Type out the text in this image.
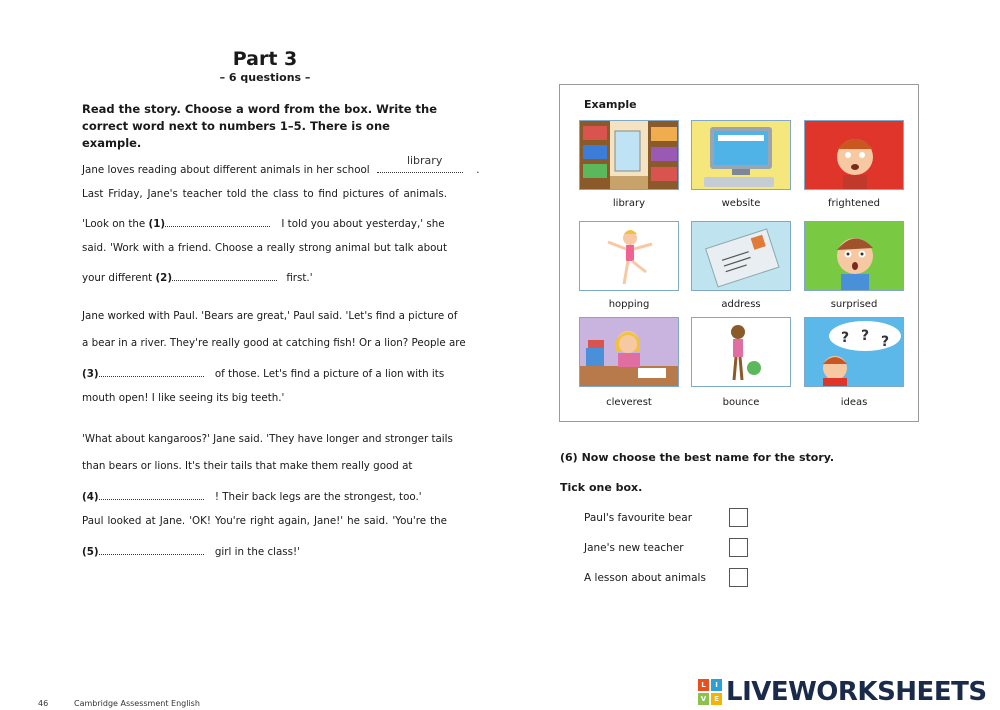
Part 3
– 6 questions –
Read the story. Choose a word from the box. Write the correct word next to numbers 1–5. There is one example.
Jane loves reading about different animals in her school
library
.
Last Friday, Jane's teacher told the class to find pictures of animals.
'Look on the (1)	I told you about yesterday,' she
said. 'Work with a friend. Choose a really strong animal but talk about
your different (2)	first.'
Jane worked with Paul. 'Bears are great,' Paul said. 'Let's find a picture of
a bear in a river. They're really good at catching fish! Or a lion? People are
(3)	of those. Let's find a picture of a lion with its
mouth open! I like seeing its big teeth.'
'What about kangaroos?' Jane said. 'They have longer and stronger tails
than bears or lions. It's their tails that make them really good at
(4)	! Their back legs are the strongest, too.'
Paul looked at Jane. 'OK! You're right again, Jane!' he said. 'You're the
(5)	girl in the class!'
Example
? ? ?
library	website	frightened
hopping	address	surprised
cleverest	bounce	ideas
(6) Now choose the best name for the story.
Tick one box.
Paul's favourite bear
Jane's new teacher
A lesson about animals
46	Cambridge Assessment English
L	I
V	E LIVEWORKSHEETS
